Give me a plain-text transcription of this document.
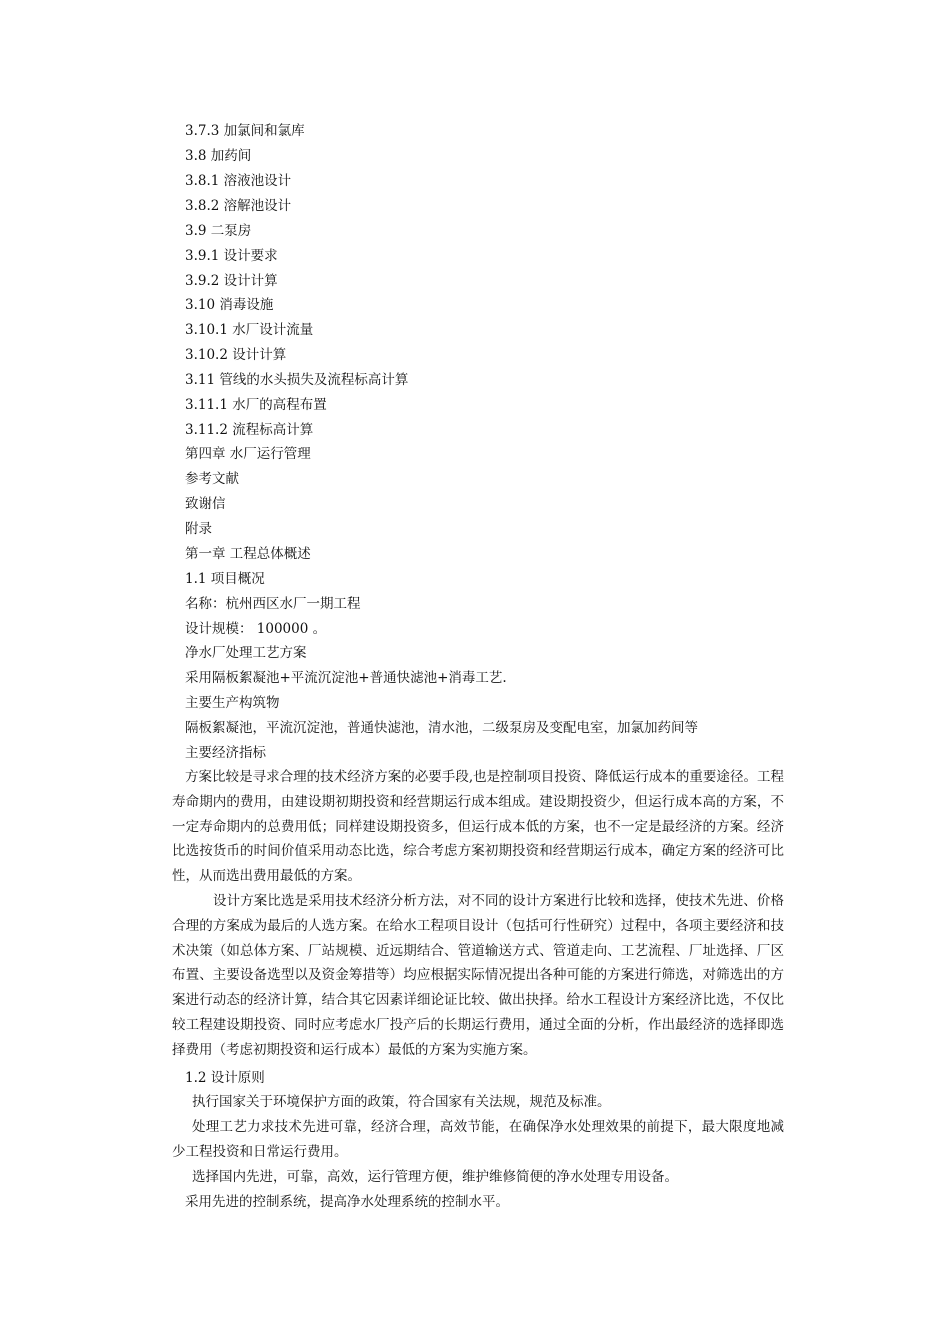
3.7.3 加氯间和氯库
3.8 加药间
3.8.1 溶液池设计
3.8.2 溶解池设计
3.9 二泵房
3.9.1 设计要求
3.9.2 设计计算
3.10 消毒设施
3.10.1 水厂设计流量
3.10.2 设计计算
3.11 管线的水头损失及流程标高计算
3.11.1 水厂的高程布置
3.11.2 流程标高计算
第四章 水厂运行管理
参考文献
致谢信
附录
第一章 工程总体概述
1.1 项目概况
名称：杭州西区水厂一期工程
设计规模： 100000 。
净水厂处理工艺方案
采用隔板絮凝池+平流沉淀池+普通快滤池+消毒工艺.
主要生产构筑物
隔板絮凝池，平流沉淀池，普通快滤池，清水池，二级泵房及变配电室，加氯加药间等
主要经济指标
方案比较是寻求合理的技术经济方案的必要手段,也是控制项目投资、降低运行成本的重要途径。工程寿命期内的费用，由建设期初期投资和经营期运行成本组成。建设期投资少，但运行成本高的方案，不一定寿命期内的总费用低；同样建设期投资多，但运行成本低的方案，也不一定是最经济的方案。经济比选按货币的时间价值采用动态比选，综合考虑方案初期投资和经营期运行成本，确定方案的经济可比性，从而选出费用最低的方案。
设计方案比选是采用技术经济分析方法，对不同的设计方案进行比较和选择，使技术先进、价格合理的方案成为最后的人选方案。在给水工程项目设计（包括可行性研究）过程中，各项主要经济和技术决策（如总体方案、厂站规模、近远期结合、管道输送方式、管道走向、工艺流程、厂址选择、厂区布置、主要设备选型以及资金筹措等）均应根据实际情况提出各种可能的方案进行筛选，对筛选出的方案进行动态的经济计算，结合其它因素详细论证比较、做出抉择。给水工程设计方案经济比选，不仅比较工程建设期投资、同时应考虑水厂投产后的长期运行费用，通过全面的分析，作出最经济的选择即选择费用（考虑初期投资和运行成本）最低的方案为实施方案。
1.2 设计原则
执行国家关于环境保护方面的政策，符合国家有关法规，规范及标准。
处理工艺力求技术先进可靠，经济合理，高效节能，在确保净水处理效果的前提下，最大限度地减少工程投资和日常运行费用。
选择国内先进，可靠，高效，运行管理方便，维护维修简便的净水处理专用设备。
采用先进的控制系统，提高净水处理系统的控制水平。
